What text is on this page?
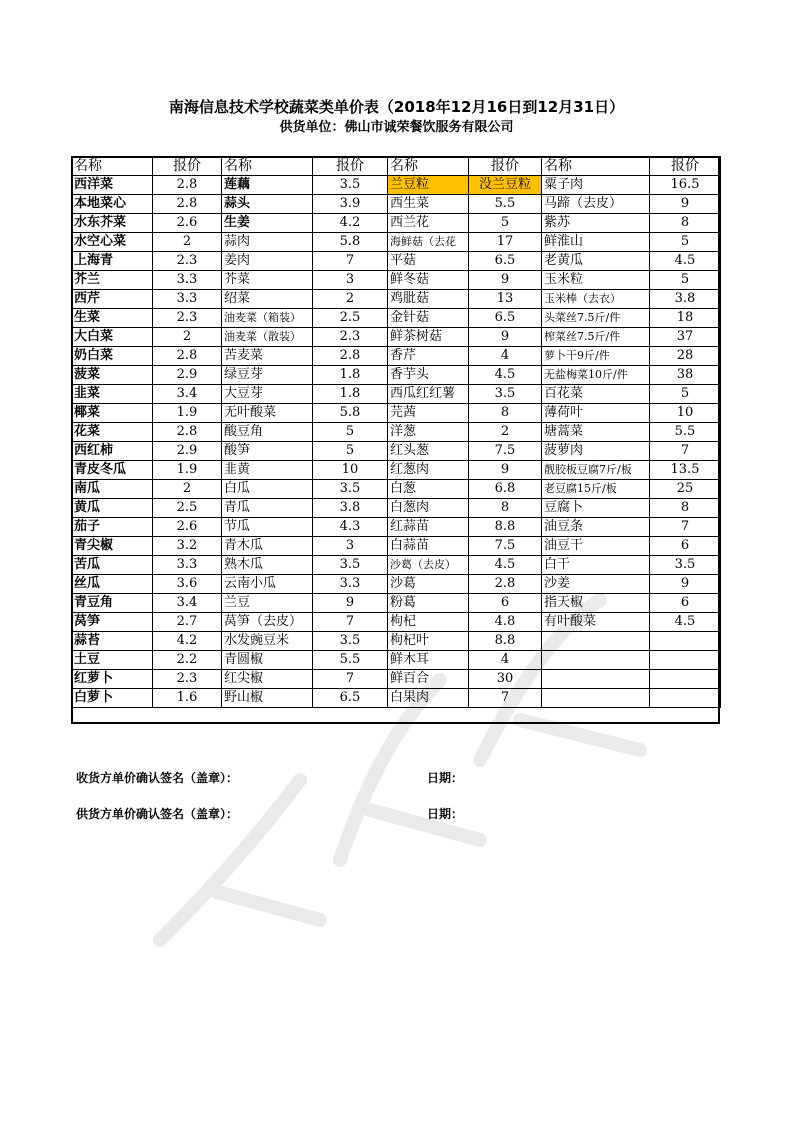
南海信息技术学校蔬菜类单价表（2018年12月16日到12月31日）
供货单位：佛山市诚荣餐饮服务有限公司
名称	报价	名称	报价	名称	报价	名称	报价
西洋菜	2.8	莲藕	3.5	兰豆粒	没兰豆粒	粟子肉	16.5
本地菜心	2.8	蒜头	3.9	西生菜	5.5	马蹄（去皮）	9
水东芥菜	2.6	生姜	4.2	西兰花	5	紫苏	8
水空心菜	2	蒜肉	5.8	海鲜菇（去花	17	鲜淮山	5
上海青	2.3	姜肉	7	平菇	6.5	老黄瓜	4.5
芥兰	3.3	芥菜	3	鲜冬菇	9	玉米粒	5
西芹	3.3	绍菜	2	鸡肶菇	13	玉米棒（去衣）	3.8
生菜	2.3	油麦菜（箱装）	2.5	金针菇	6.5	头菜丝7.5斤/件	18
大白菜	2	油麦菜（散装）	2.3	鲜茶树菇	9	榨菜丝7.5斤/件	37
奶白菜	2.8	苦麦菜	2.8	香芹	4	萝卜干9斤/件	28
菠菜	2.9	绿豆芽	1.8	香芋头	4.5	无盐梅菜10斤/件	38
韭菜	3.4	大豆芽	1.8	西瓜红红薯	3.5	百花菜	5
椰菜	1.9	无叶酸菜	5.8	芫茜	8	薄荷叶	10
花菜	2.8	酸豆角	5	洋葱	2	塘蒿菜	5.5
西红柿	2.9	酸笋	5	红头葱	7.5	菠萝肉	7
青皮冬瓜	1.9	韭黄	10	红葱肉	9	靓胶板豆腐7斤/板	13.5
南瓜	2	白瓜	3.5	白葱	6.8	老豆腐15斤/板	25
黄瓜	2.5	青瓜	3.8	白葱肉	8	豆腐卜	8
茄子	2.6	节瓜	4.3	红蒜苗	8.8	油豆条	7
青尖椒	3.2	青木瓜	3	白蒜苗	7.5	油豆干	6
苦瓜	3.3	熟木瓜	3.5	沙葛（去皮）	4.5	白干	3.5
丝瓜	3.6	云南小瓜	3.3	沙葛	2.8	沙姜	9
青豆角	3.4	兰豆	9	粉葛	6	指天椒	6
莴笋	2.7	莴笋（去皮）	7	枸杞	4.8	有叶酸菜	4.5
蒜苔	4.2	水发豌豆米	3.5	枸杞叶	8.8		
土豆	2.2	青圆椒	5.5	鲜木耳	4		
红萝卜	2.3	红尖椒	7	鲜百合	30		
白萝卜	1.6	野山椒	6.5	白果肉	7		
收货方单价确认签名（盖章）：	日期：
供货方单价确认签名（盖章）：	日期：
